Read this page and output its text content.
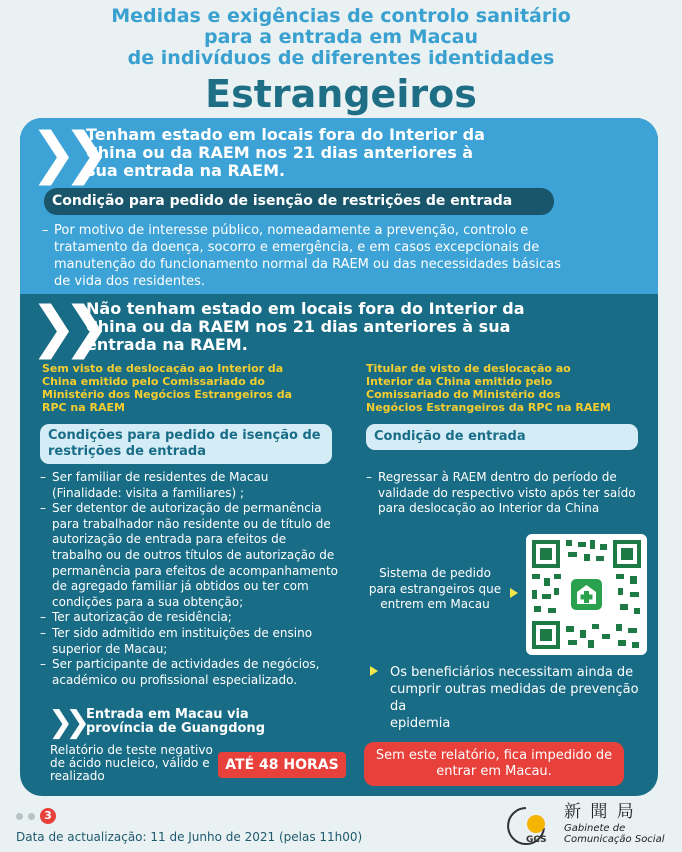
Medidas e exigências de controlo sanitário
para a entrada em Macau
de indivíduos de diferentes identidades
Estrangeiros
❯❯
Tenham estado em locais fora do Interior da
China ou da RAEM nos 21 dias anteriores à
sua entrada na RAEM.
Condição para pedido de isenção de restrições de entrada
– Por motivo de interesse público, nomeadamente a prevenção, controlo e
tratamento da doença, socorro e emergência, e em casos excepcionais de
manutenção do funcionamento normal da RAEM ou das necessidades básicas
de vida dos residentes.
❯❯
Não tenham estado em locais fora do Interior da
China ou da RAEM nos 21 dias anteriores à sua
entrada na RAEM.
Sem visto de deslocação ao Interior da
China emitido pelo Comissariado do
Ministério dos Negócios Estrangeiros da
RPC na RAEM
Condições para pedido de isenção de
restrições de entrada
– Ser familiar de residentes de Macau
(Finalidade: visita a familiares) ;
– Ser detentor de autorização de permanência
para trabalhador não residente ou de título de
autorização de entrada para efeitos de
trabalho ou de outros títulos de autorização de
permanência para efeitos de acompanhamento
de agregado familiar já obtidos ou ter com
condições para a sua obtenção;
– Ter autorização de residência;
– Ter sido admitido em instituições de ensino
superior de Macau;
– Ser participante de actividades de negócios,
académico ou profissional especializado.
Titular de visto de deslocação ao
Interior da China emitido pelo
Comissariado do Ministério dos
Negócios Estrangeiros da RPC na RAEM
Condição de entrada
– Regressar à RAEM dentro do período de
validade do respectivo visto após ter saído
para deslocação ao Interior da China
Sistema de pedido
para estrangeiros que
entrem em Macau
Os beneficiários necessitam ainda de
cumprir outras medidas de prevenção da
epidemia
❯❯ Entrada em Macau via
província de Guangdong
Relatório de teste negativo
de ácido nucleico, válido e
realizado
ATÉ 48 HORAS
Sem este relatório, fica impedido de
entrar em Macau.
3
Data de actualização: 11 de Junho de 2021 (pelas 11h00)	GCS
新 聞 局
Gabinete de
Comunicação Social
